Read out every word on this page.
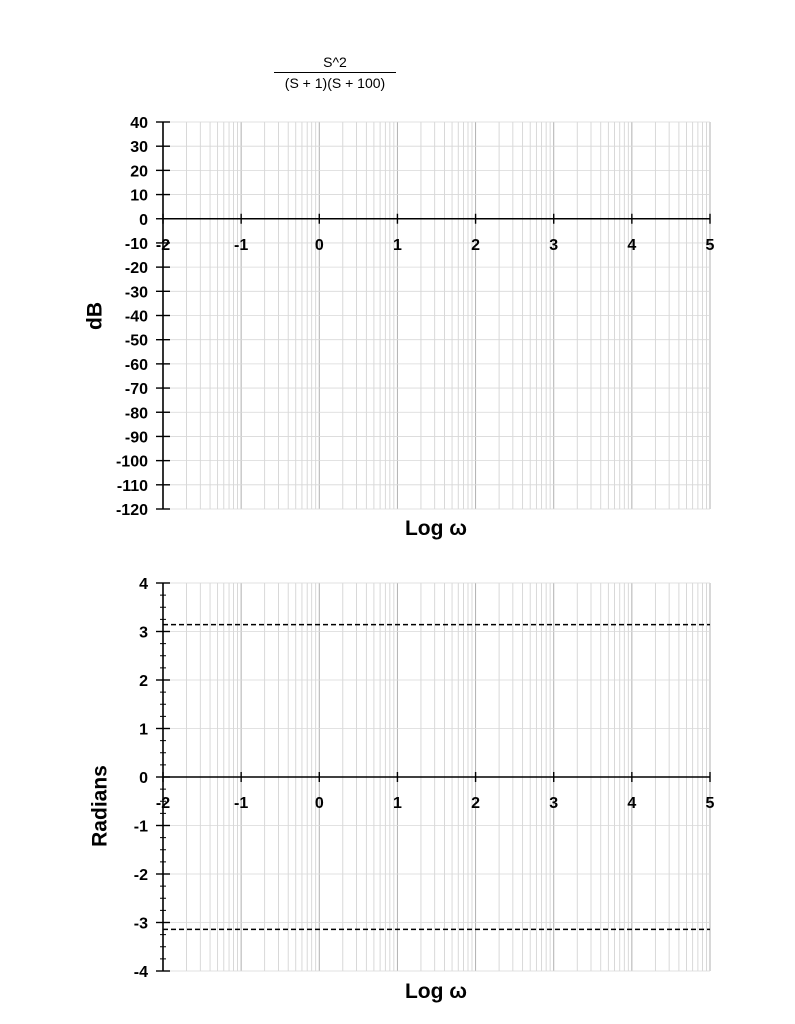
S^2
(S + 1)(S + 100)
40
30
20
10
0
-10
-20
-30
-40
-50
-60
-70
-80
-90
-100
-110
-120
-2	-1	0	1	2	3	4	5
dB
Log ω
4
3
2
1
0
-1
-2
-3
-4
-2	-1	0	1	2	3	4	5
Radians
Log ω
